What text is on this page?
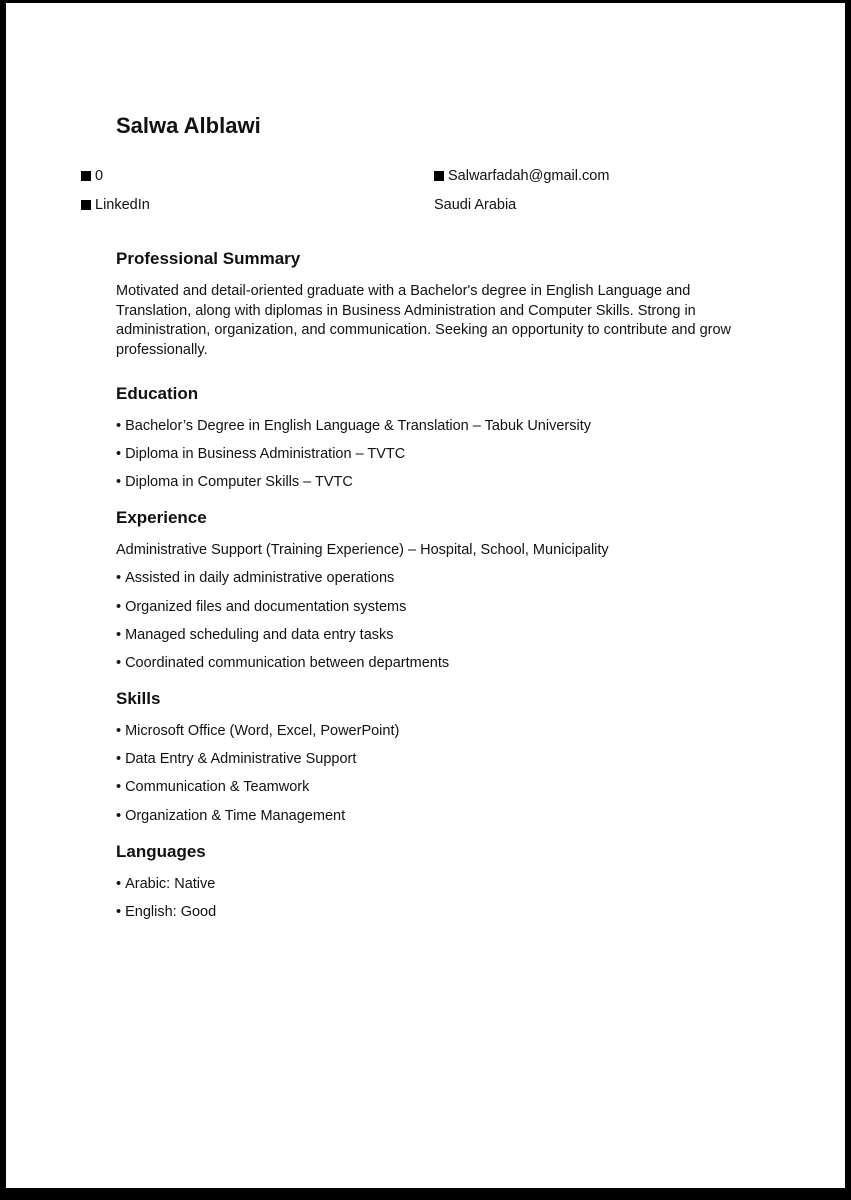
Salwa Alblawi
0	Salwarfadah@gmail.com
LinkedIn	Saudi Arabia
Professional Summary

Motivated and detail-oriented graduate with a Bachelor's degree in English Language and Translation, along with diplomas in Business Administration and Computer Skills. Strong in administration, organization, and communication. Seeking an opportunity to contribute and grow professionally.

Education
• Bachelor’s Degree in English Language & Translation – Tabuk University
• Diploma in Business Administration – TVTC
• Diploma in Computer Skills – TVTC
Experience

Administrative Support (Training Experience) – Hospital, School, Municipality

• Assisted in daily administrative operations
• Organized files and documentation systems
• Managed scheduling and data entry tasks
• Coordinated communication between departments
Skills
• Microsoft Office (Word, Excel, PowerPoint)
• Data Entry & Administrative Support
• Communication & Teamwork
• Organization & Time Management
Languages
• Arabic: Native
• English: Good
